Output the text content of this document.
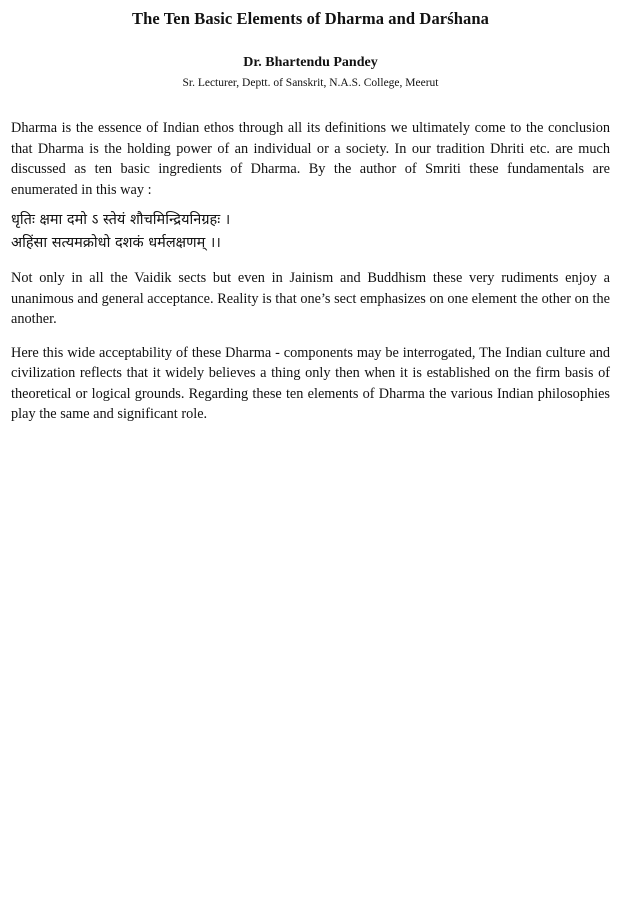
The Ten Basic Elements of Dharma and Darśhana

Dr. Bhartendu Pandey

Sr. Lecturer, Deptt. of Sanskrit, N.A.S. College, Meerut

Dharma is the essence of Indian ethos through all its definitions we ultimately come to the conclusion that Dharma is the holding power of an individual or a society. In our tradition Dhriti etc. are much discussed as ten basic ingredients of Dharma. By the author of Smriti these fundamentals are enumerated in this way :

धृतिः क्षमा दमो ऽ स्तेयं शौचमिन्द्रियनिग्रहः ।
अहिंसा सत्यमक्रोधो दशकं धर्मलक्षणम् ।।

Not only in all the Vaidik sects but even in Jainism and Buddhism these very rudiments enjoy a unanimous and general acceptance. Reality is that one’s sect emphasizes on one element the other on the another.

Here this wide acceptability of these Dharma - components may be interrogated, The Indian culture and civilization reflects that it widely believes a thing only then when it is established on the firm basis of theoretical or logical grounds. Regarding these ten elements of Dharma the various Indian philosophies play the same and significant role.
